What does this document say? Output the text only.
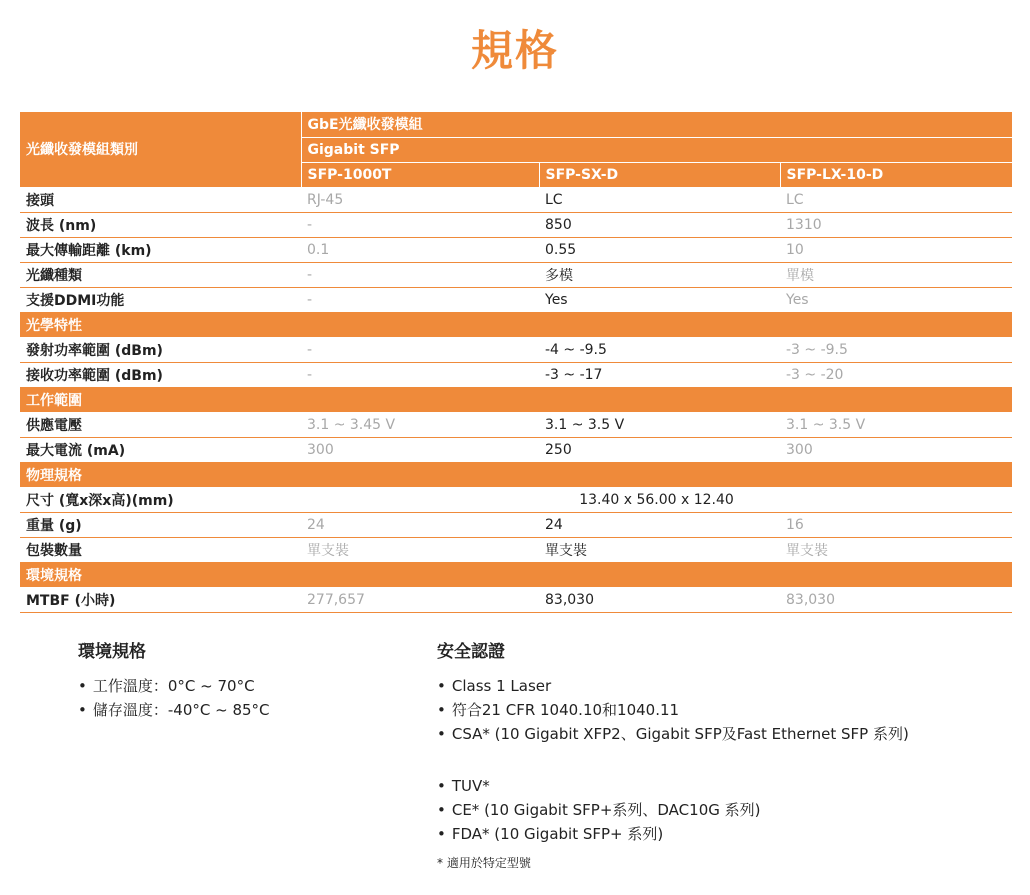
規格
光纖收發模組類別	GbE光纖收發模組		
	Gigabit SFP		
	SFP-1000T	SFP-SX-D	SFP-LX-10-D
接頭	RJ-45	LC	LC
波長 (nm)	-	850	1310
最大傳輸距離 (km)	0.1	0.55	10
光纖種類	-	多模	單模
支援DDMI功能	-	Yes	Yes
光學特性			
發射功率範圍 (dBm)	-	-4 ~ -9.5	-3 ~ -9.5
接收功率範圍 (dBm)	-	-3 ~ -17	-3 ~ -20
工作範圍			
供應電壓	3.1 ~ 3.45 V	3.1 ~ 3.5 V	3.1 ~ 3.5 V
最大電流 (mA)	300	250	300
物理規格			
尺寸 (寬x深x高)(mm)	13.40 x 56.00 x 12.40		
重量 (g)	24	24	16
包裝數量	單支裝	單支裝	單支裝
環境規格			
MTBF (小時)	277,657	83,030	83,030
環境規格
• 工作溫度：0°C ~ 70°C
• 儲存溫度：-40°C ~ 85°C
安全認證
• Class 1 Laser
• 符合21 CFR 1040.10和1040.11
• CSA* (10 Gigabit XFP2、Gigabit SFP及Fast Ethernet SFP 系列)
• TUV*
• CE* (10 Gigabit SFP+系列、DAC10G 系列)
• FDA* (10 Gigabit SFP+ 系列)
* 適用於特定型號
